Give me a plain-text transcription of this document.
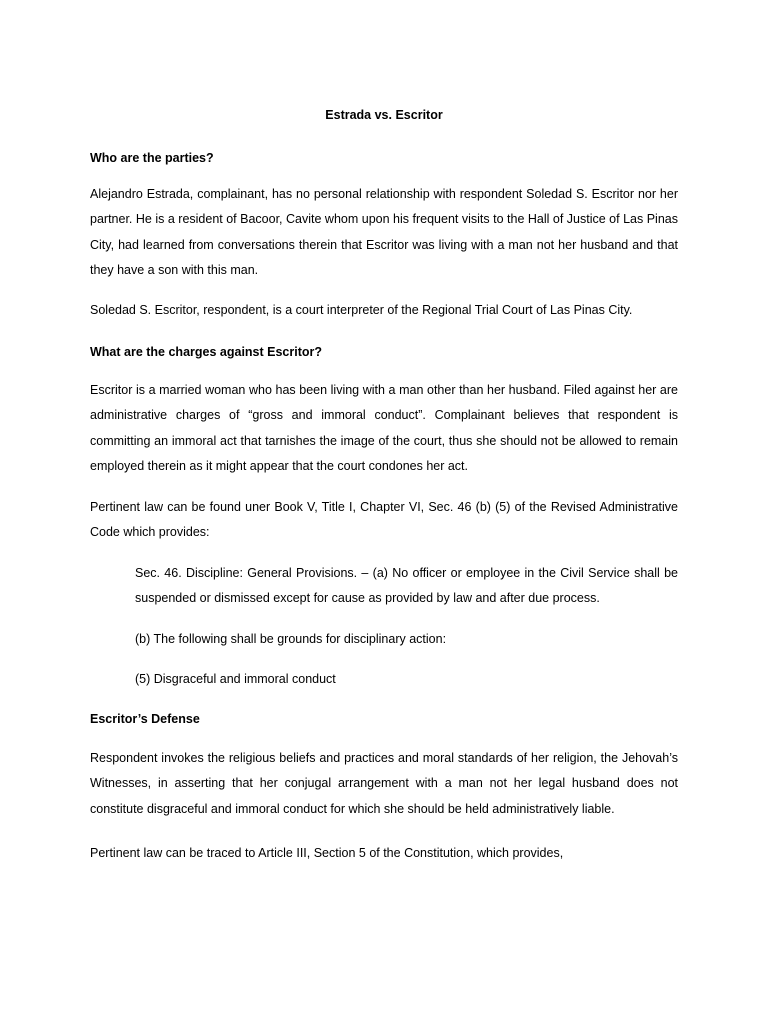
Estrada vs. Escritor

Who are the parties?

Alejandro Estrada, complainant, has no personal relationship with respondent Soledad S. Escritor nor her partner. He is a resident of Bacoor, Cavite whom upon his frequent visits to the Hall of Justice of Las Pinas City, had learned from conversations therein that Escritor was living with a man not her husband and that they have a son with this man.

Soledad S. Escritor, respondent, is a court interpreter of the Regional Trial Court of Las Pinas City.

What are the charges against Escritor?

Escritor is a married woman who has been living with a man other than her husband. Filed against her are administrative charges of “gross and immoral conduct”. Complainant believes that respondent is committing an immoral act that tarnishes the image of the court, thus she should not be allowed to remain employed therein as it might appear that the court condones her act.

Pertinent law can be found uner Book V, Title I, Chapter VI, Sec. 46 (b) (5) of the Revised Administrative Code which provides:

Sec. 46. Discipline: General Provisions. – (a) No officer or employee in the Civil Service shall be suspended or dismissed except for cause as provided by law and after due process.

(b) The following shall be grounds for disciplinary action:

(5) Disgraceful and immoral conduct

Escritor’s Defense

Respondent invokes the religious beliefs and practices and moral standards of her religion, the Jehovah’s Witnesses, in asserting that her conjugal arrangement with a man not her legal husband does not constitute disgraceful and immoral conduct for which she should be held administratively liable.

Pertinent law can be traced to Article III, Section 5 of the Constitution, which provides,
